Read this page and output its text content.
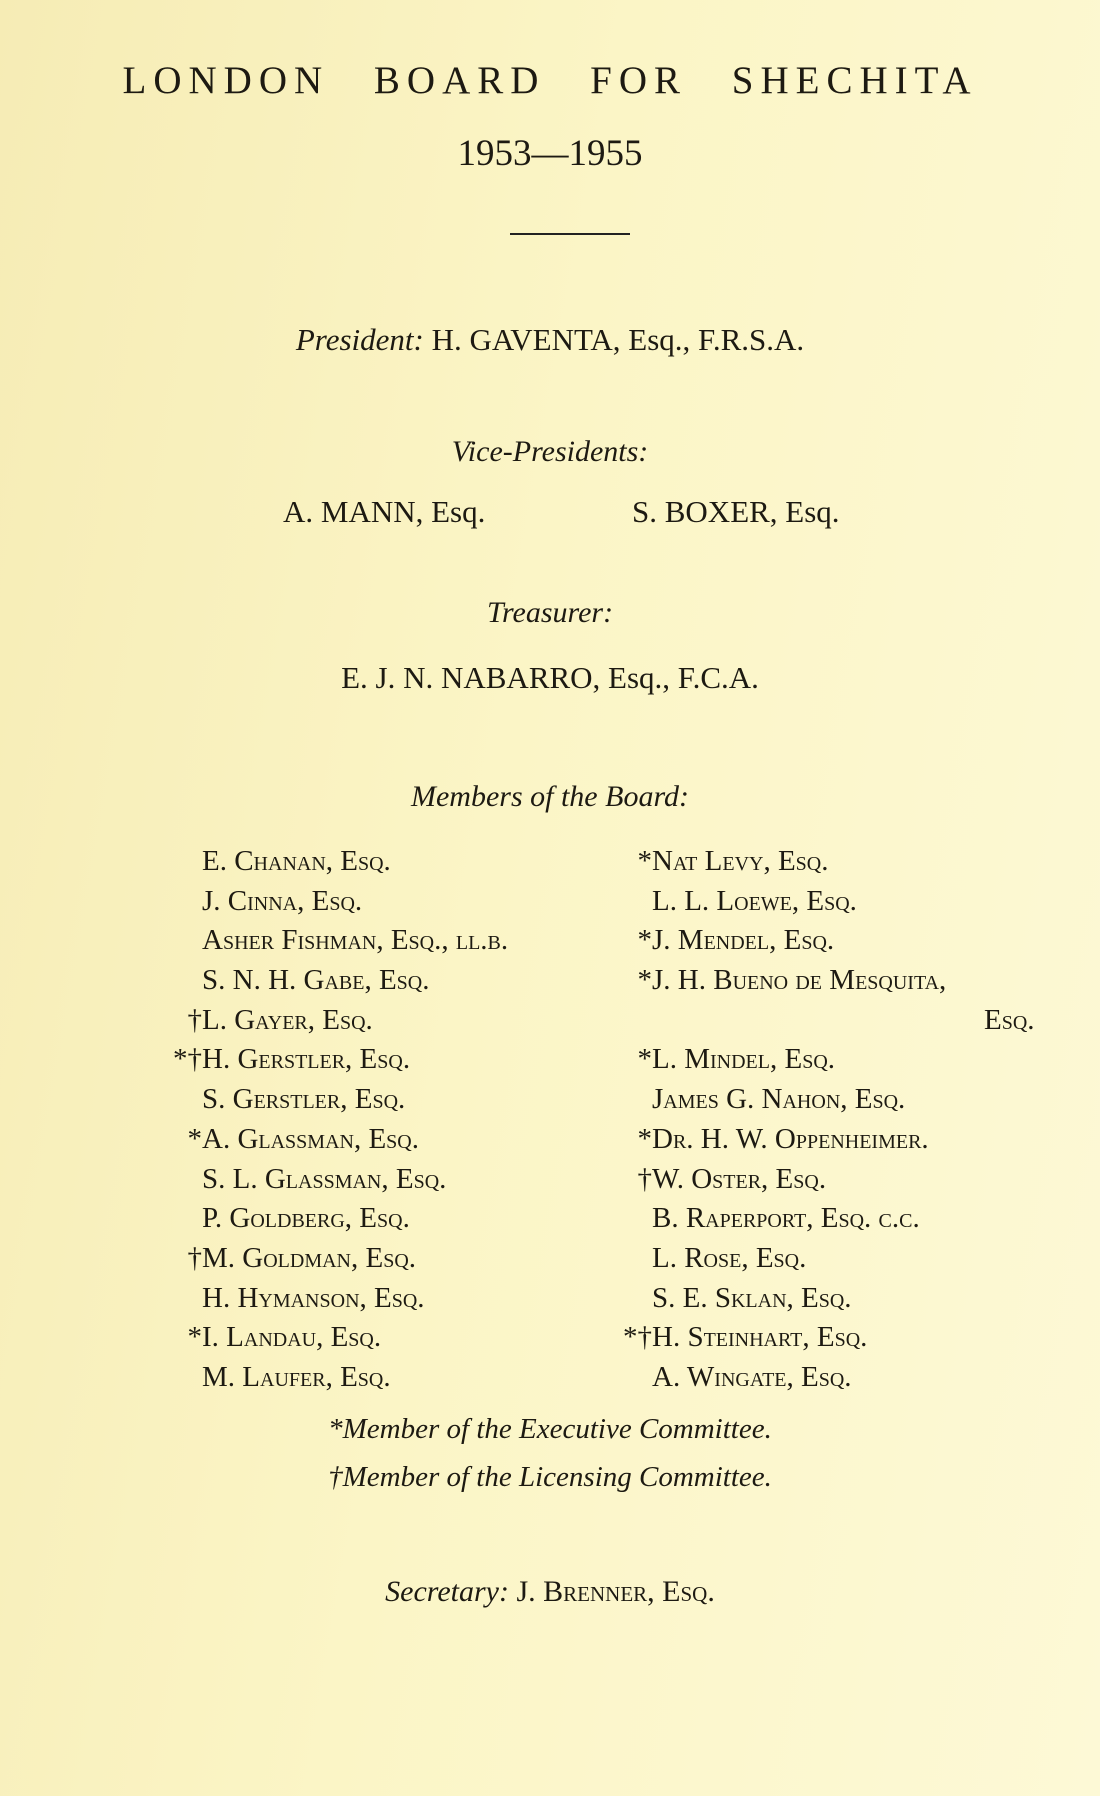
LONDON BOARD FOR SHECHITA
1953—1955
President: H. GAVENTA, Esq., F.R.S.A.
Vice-Presidents:
A. MANN, Esq.	S. BOXER, Esq.
Treasurer:
E. J. N. NABARRO, Esq., F.C.A.
Members of the Board:
E. Chanan, Esq.
J. Cinna, Esq.
Asher Fishman, Esq., ll.b.
S. N. H. Gabe, Esq.
†L. Gayer, Esq.
*†H. Gerstler, Esq.
S. Gerstler, Esq.
*A. Glassman, Esq.
S. L. Glassman, Esq.
P. Goldberg, Esq.
†M. Goldman, Esq.
H. Hymanson, Esq.
*I. Landau, Esq.
M. Laufer, Esq.
*Nat Levy, Esq.
L. L. Loewe, Esq.
*J. Mendel, Esq.
*J. H. Bueno de Mesquita,
Esq.
*L. Mindel, Esq.
James G. Nahon, Esq.
*Dr. H. W. Oppenheimer.
†W. Oster, Esq.
B. Raperport, Esq. c.c.
L. Rose, Esq.
S. E. Sklan, Esq.
*†H. Steinhart, Esq.
A. Wingate, Esq.
*Member of the Executive Committee.
†Member of the Licensing Committee.
Secretary: J. Brenner, Esq.
